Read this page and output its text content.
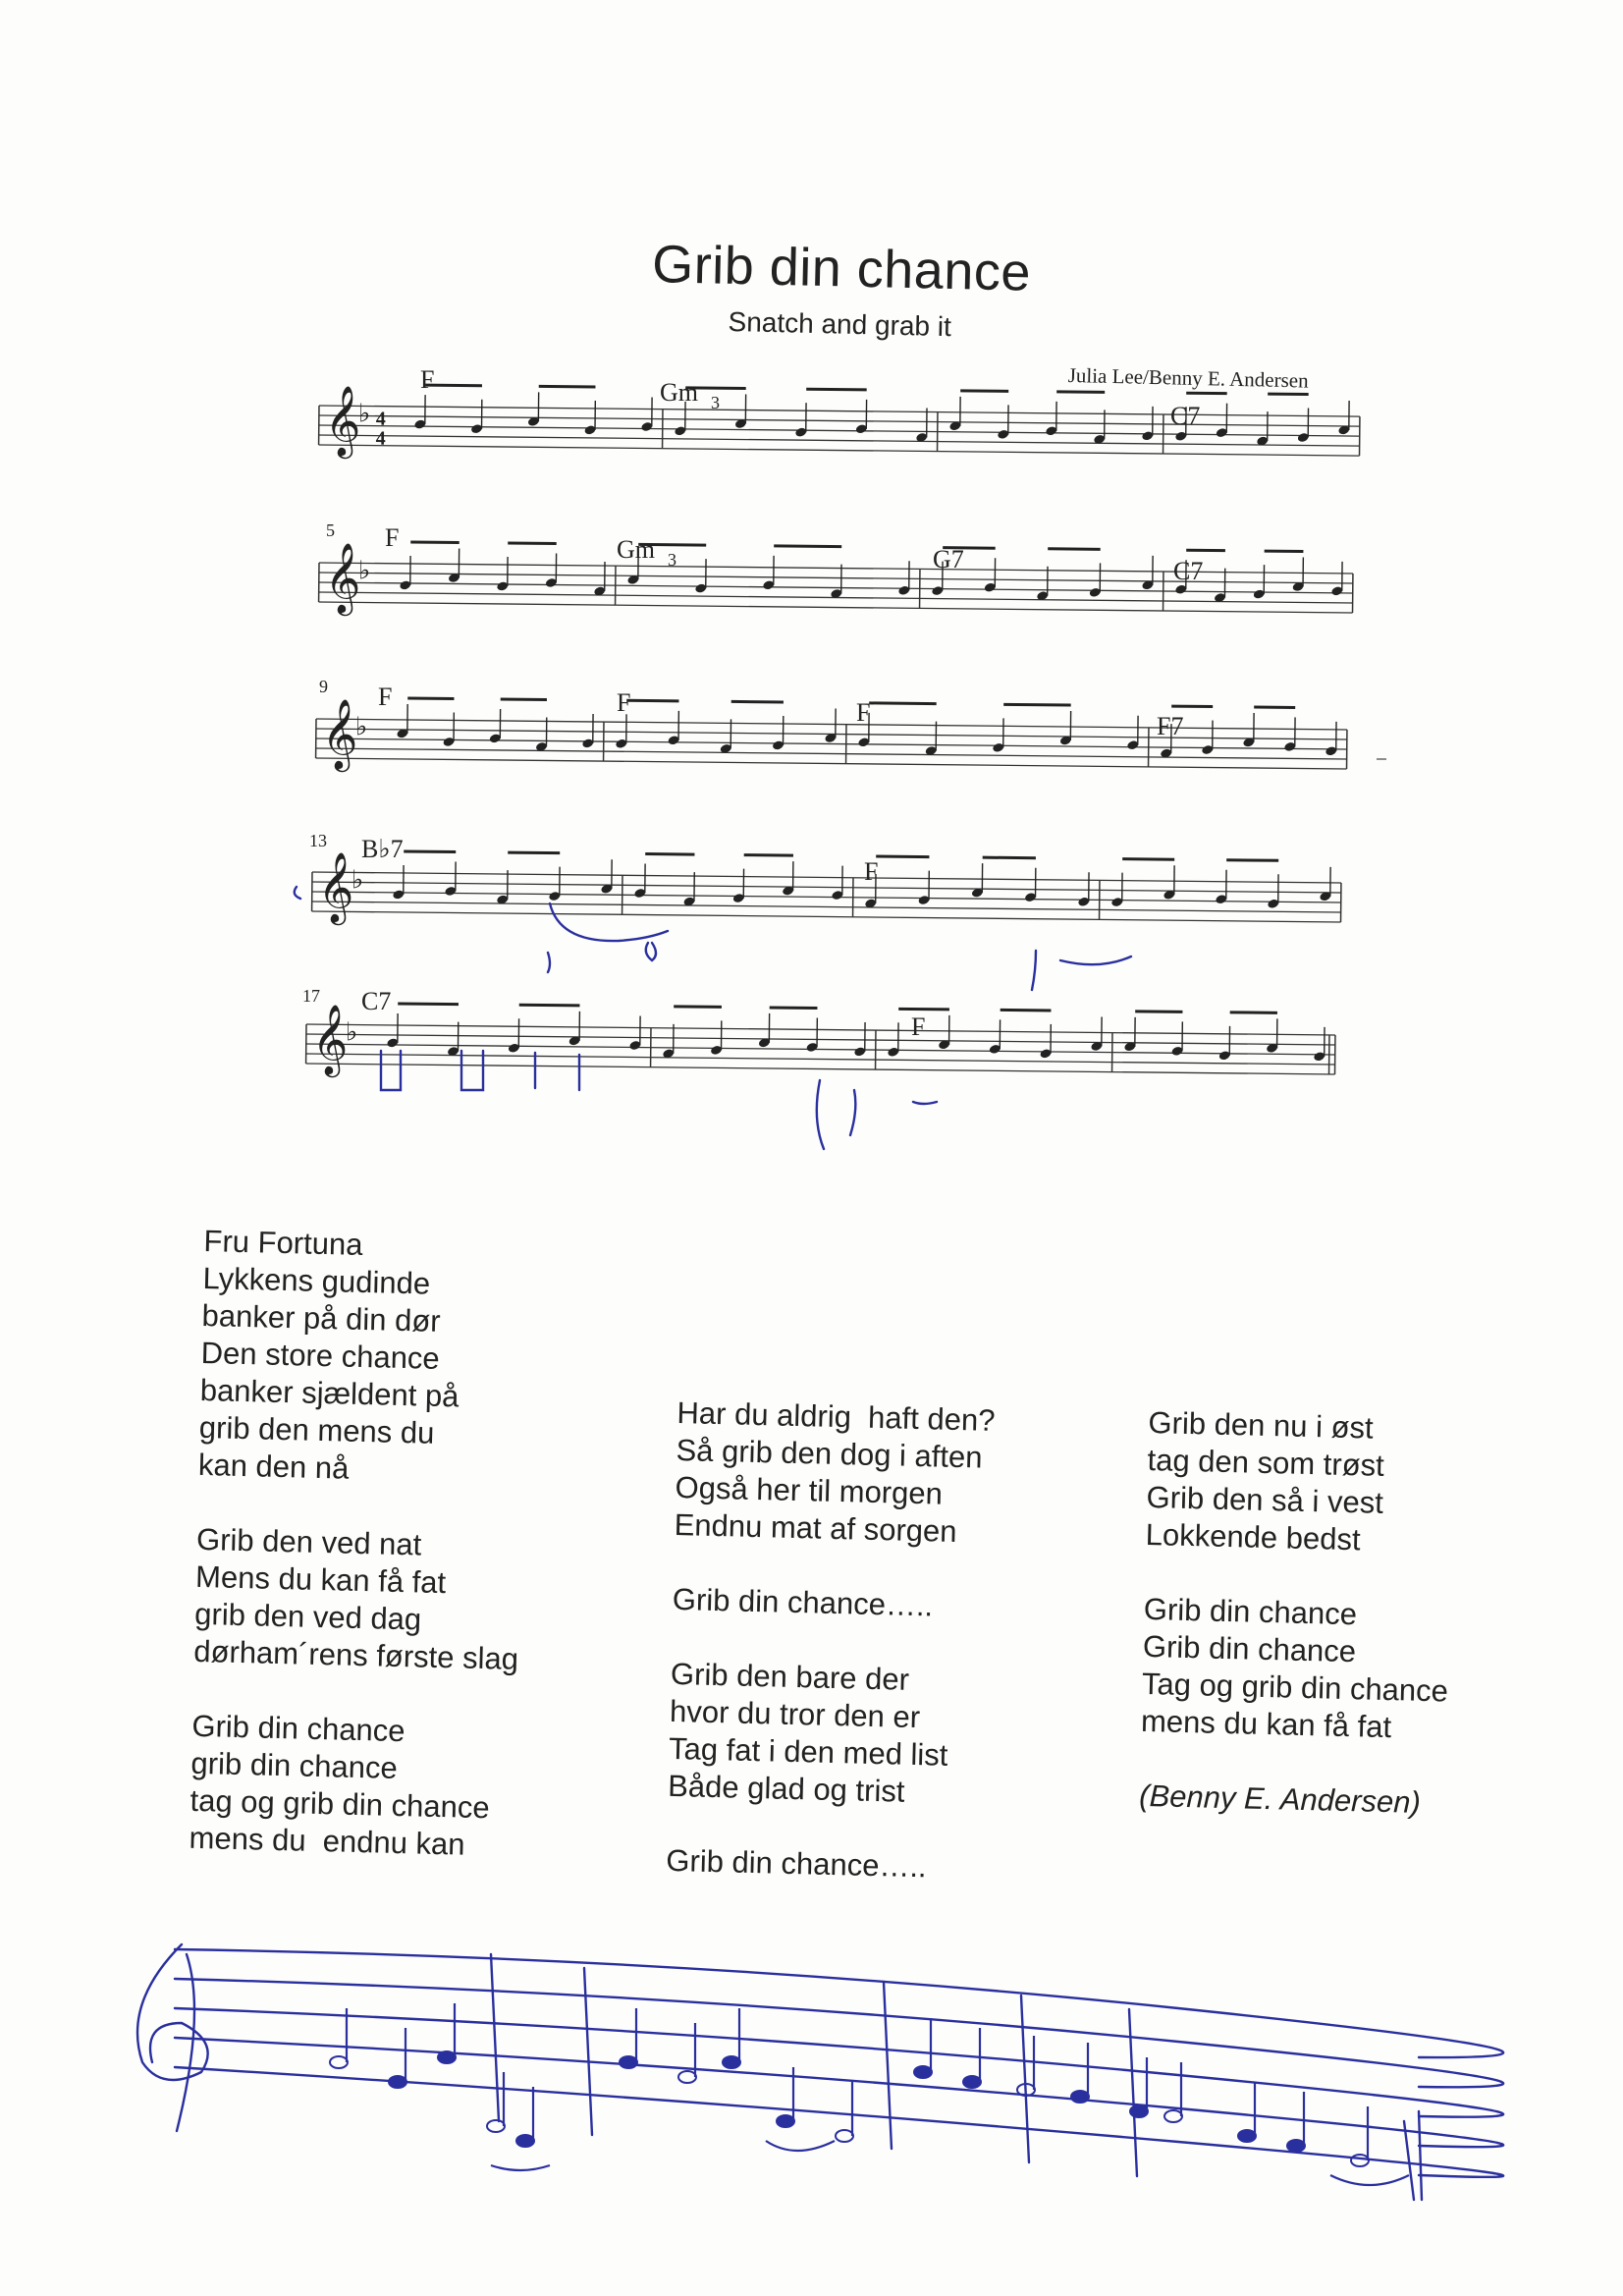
Grib din chance
Snatch and grab it
Julia Lee/Benny E. Andersen
𝄞
♭ 4
4
𝄞
♭
𝄞
♭
𝄞
♭
𝄞
♭
F	Gm 3	C7
F	Gm 3	G7	C7
F	F	F	F7
B♭7
F
C7
F
5
9
13
17
Fru Fortuna
Lykkens gudinde
banker på din dør
Den store chance
banker sjældent på
grib den mens du
kan den nå
Grib den ved nat
Mens du kan få fat
grib den ved dag
dørham´rens første slag
Grib din chance
grib din chance
tag og grib din chance
mens du  endnu kan
Har du aldrig  haft den?
Så grib den dog i aften
Også her til morgen
Endnu mat af sorgen
Grib din chance…..
Grib den bare der
hvor du tror den er
Tag fat i den med list
Både glad og trist
Grib din chance…..
Grib den nu i øst
tag den som trøst
Grib den så i vest
Lokkende bedst
Grib din chance
Grib din chance
Tag og grib din chance
mens du kan få fat
(Benny E. Andersen)
